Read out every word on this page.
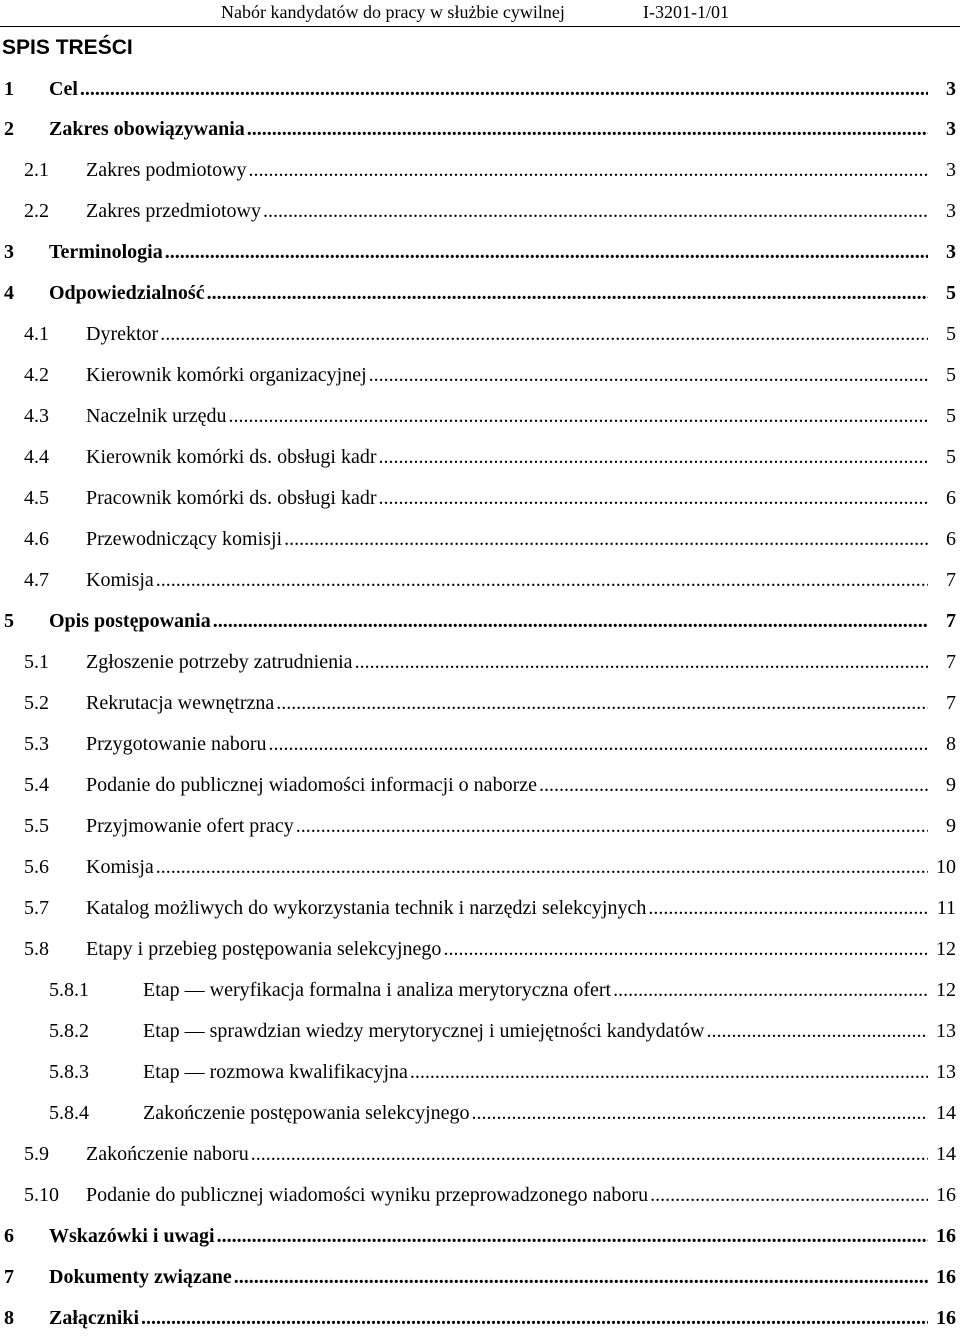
Nabór kandydatów do pracy w służbie cywilnej	I-3201-1/01
SPIS TREŚCI
1 Cel .....	3
2 Zakres obowiązywania .....	3
2.1 Zakres podmiotowy .....	3
2.2 Zakres przedmiotowy .....	3
3 Terminologia .....	3
4 Odpowiedzialność .....	5
4.1 Dyrektor .....	5
4.2 Kierownik komórki organizacyjnej .....	5
4.3 Naczelnik urzędu .....	5
4.4 Kierownik komórki ds. obsługi kadr .....	5
4.5 Pracownik komórki ds. obsługi kadr .....	6
4.6 Przewodniczący komisji .....	6
4.7 Komisja .....	7
5 Opis postępowania .....	7
5.1 Zgłoszenie potrzeby zatrudnienia .....	7
5.2 Rekrutacja wewnętrzna .....	7
5.3 Przygotowanie naboru .....	8
5.4 Podanie do publicznej wiadomości informacji o naborze .....	9
5.5 Przyjmowanie ofert pracy .....	9
5.6 Komisja .....	10
5.7 Katalog możliwych do wykorzystania technik i narzędzi selekcyjnych .....	11
5.8 Etapy i przebieg postępowania selekcyjnego .....	12
5.8.1	Etap — weryfikacja formalna i analiza merytoryczna ofert .....	12
5.8.2	Etap — sprawdzian wiedzy merytorycznej i umiejętności kandydatów .....	13
5.8.3	Etap — rozmowa kwalifikacyjna .....	13
5.8.4	Zakończenie postępowania selekcyjnego .....	14
5.9 Zakończenie naboru .....	14
5.10 Podanie do publicznej wiadomości wyniku przeprowadzonego naboru .....	16
6 Wskazówki i uwagi .....	16
7 Dokumenty związane .....	16
8 Załączniki .....	16
